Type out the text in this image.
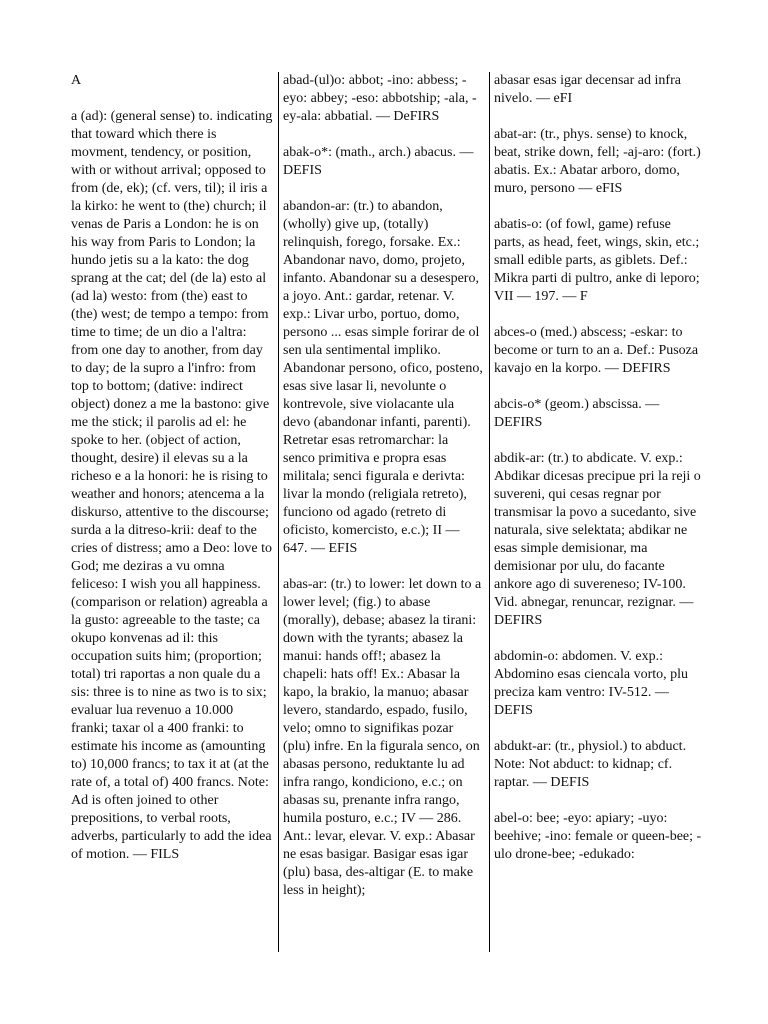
A

a (ad): (general sense) to. indicating that toward which there is movment, tendency, or position, with or without arrival; opposed to from (de, ek); (cf. vers, til); il iris a la kirko: he went to (the) church; il venas de Paris a London: he is on his way from Paris to London; la hundo jetis su a la kato: the dog sprang at the cat; del (de la) esto al (ad la) westo: from (the) east to (the) west; de tempo a tempo: from time to time; de un dio a l'altra: from one day to another, from day to day; de la supro a l'infro: from top to bottom; (dative: indirect object) donez a me la bastono: give me the stick; il parolis ad el: he spoke to her. (object of action, thought, desire) il elevas su a la richeso e a la honori: he is rising to weather and honors; atencema a la diskurso, attentive to the discourse; surda a la ditreso-krii: deaf to the cries of distress; amo a Deo: love to God; me deziras a vu omna feliceso: I wish you all happiness. (comparison or relation) agreabla a la gusto: agreeable to the taste; ca okupo konvenas ad il: this occupation suits him; (proportion; total) tri raportas a non quale du a sis: three is to nine as two is to six; evaluar lua revenuo a 10.000 franki; taxar ol a 400 franki: to estimate his income as (amounting to) 10,000 francs; to tax it at (at the rate of, a total of) 400 francs. Note: Ad is often joined to other prepositions, to verbal roots, adverbs, particularly to add the idea of motion. — FILS

abad-(ul)o: abbot; -ino: abbess; -eyo: abbey; -eso: abbotship; -ala, -ey-ala: abbatial. — DeFIRS

abak-o*: (math., arch.) abacus. — DEFIS

abandon-ar: (tr.) to abandon, (wholly) give up, (totally) relinquish, forego, forsake. Ex.: Abandonar navo, domo, projeto, infanto. Abandonar su a desespero, a joyo. Ant.: gardar, retenar. V. exp.: Livar urbo, portuo, domo, persono ... esas simple forirar de ol sen ula sentimental impliko. Abandonar persono, ofico, posteno, esas sive lasar li, nevolunte o kontrevole, sive violacante ula devo (abandonar infanti, parenti). Retretar esas retromarchar: la senco primitiva e propra esas militala; senci figurala e derivta: livar la mondo (religiala retreto), funciono od agado (retreto di oficisto, komercisto, e.c.); II — 647. — EFIS

abas-ar: (tr.) to lower: let down to a lower level; (fig.) to abase (morally), debase; abasez la tirani: down with the tyrants; abasez la manui: hands off!; abasez la chapeli: hats off! Ex.: Abasar la kapo, la brakio, la manuo; abasar levero, standardo, espado, fusilo, velo; omno to signifikas pozar (plu) infre. En la figurala senco, on abasas persono, reduktante lu ad infra rango, kondiciono, e.c.; on abasas su, prenante infra rango, humila posturo, e.c.; IV — 286. Ant.: levar, elevar. V. exp.: Abasar ne esas basigar. Basigar esas igar (plu) basa, des-altigar (E. to make less in height);

abasar esas igar decensar ad infra nivelo. — eFI

abat-ar: (tr., phys. sense) to knock, beat, strike down, fell; -aj-aro: (fort.) abatis. Ex.: Abatar arboro, domo, muro, persono — eFIS

abatis-o: (of fowl, game) refuse parts, as head, feet, wings, skin, etc.; small edible parts, as giblets. Def.: Mikra parti di pultro, anke di leporo; VII — 197. — F

abces-o (med.) abscess; -eskar: to become or turn to an a. Def.: Pusoza kavajo en la korpo. — DEFIRS

abcis-o* (geom.) abscissa. — DEFIRS

abdik-ar: (tr.) to abdicate. V. exp.: Abdikar dicesas precipue pri la reji o suvereni, qui cesas regnar por transmisar la povo a sucedanto, sive naturala, sive selektata; abdikar ne esas simple demisionar, ma demisionar por ulu, do facante ankore ago di suvereneso; IV-100. Vid. abnegar, renuncar, rezignar. — DEFIRS

abdomin-o: abdomen. V. exp.: Abdomino esas ciencala vorto, plu preciza kam ventro: IV-512. — DEFIS

abdukt-ar: (tr., physiol.) to abduct. Note: Not abduct: to kidnap; cf. raptar. — DEFIS

abel-o: bee; -eyo: apiary; -uyo: beehive; -ino: female or queen-bee; -ulo drone-bee; -edukado:
